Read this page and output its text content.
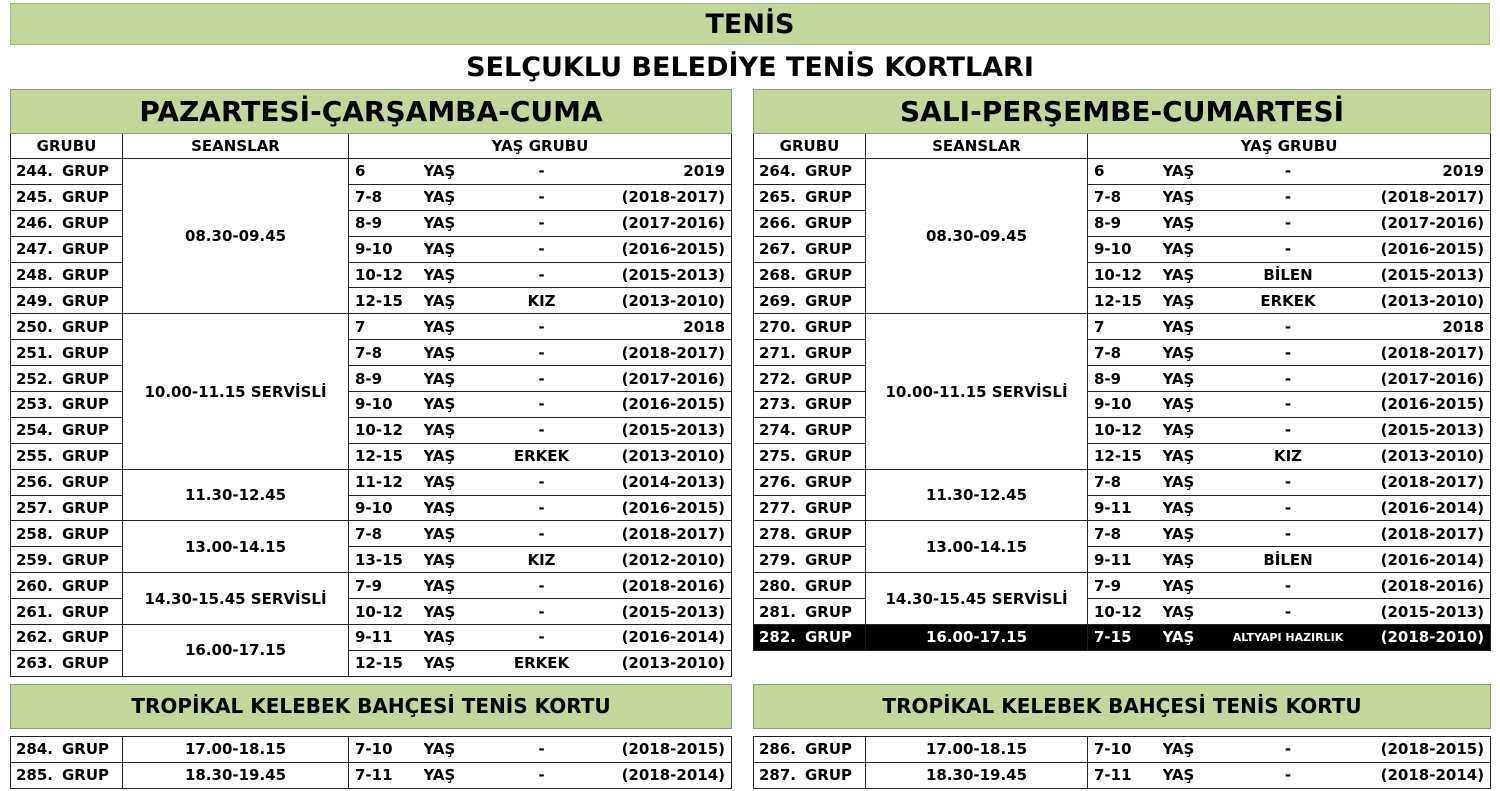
TENİS
SELÇUKLU BELEDİYE TENİS KORTLARI
PAZARTESİ-ÇARŞAMBA-CUMA					
GRUBU	SEANSLAR	YAŞ GRUBU			
244. GRUP	08.30-09.45	6	YAŞ	-	2019
245. GRUP		7-8	YAŞ	-	(2018-2017)
246. GRUP		8-9	YAŞ	-	(2017-2016)
247. GRUP		9-10	YAŞ	-	(2016-2015)
248. GRUP		10-12	YAŞ	-	(2015-2013)
249. GRUP		12-15	YAŞ	KIZ	(2013-2010)
250. GRUP	10.00-11.15 SERVİSLİ	7	YAŞ	-	2018
251. GRUP		7-8	YAŞ	-	(2018-2017)
252. GRUP		8-9	YAŞ	-	(2017-2016)
253. GRUP		9-10	YAŞ	-	(2016-2015)
254. GRUP		10-12	YAŞ	-	(2015-2013)
255. GRUP		12-15	YAŞ	ERKEK	(2013-2010)
256. GRUP	11.30-12.45	11-12	YAŞ	-	(2014-2013)
257. GRUP		9-10	YAŞ	-	(2016-2015)
258. GRUP	13.00-14.15	7-8	YAŞ	-	(2018-2017)
259. GRUP		13-15	YAŞ	KIZ	(2012-2010)
260. GRUP	14.30-15.45 SERVİSLİ	7-9	YAŞ	-	(2018-2016)
261. GRUP		10-12	YAŞ	-	(2015-2013)
262. GRUP	16.00-17.15	9-11	YAŞ	-	(2016-2014)
263. GRUP		12-15	YAŞ	ERKEK	(2013-2010)

TROPİKAL KELEBEK BAHÇESİ TENİS KORTU					

284. GRUP	17.00-18.15	7-10	YAŞ	-	(2018-2015)
285. GRUP	18.30-19.45	7-11	YAŞ	-	(2018-2014)
SALI-PERŞEMBE-CUMARTESİ					
GRUBU	SEANSLAR	YAŞ GRUBU			
264. GRUP	08.30-09.45	6	YAŞ	-	2019
265. GRUP		7-8	YAŞ	-	(2018-2017)
266. GRUP		8-9	YAŞ	-	(2017-2016)
267. GRUP		9-10	YAŞ	-	(2016-2015)
268. GRUP		10-12	YAŞ	BİLEN	(2015-2013)
269. GRUP		12-15	YAŞ	ERKEK	(2013-2010)
270. GRUP	10.00-11.15 SERVİSLİ	7	YAŞ	-	2018
271. GRUP		7-8	YAŞ	-	(2018-2017)
272. GRUP		8-9	YAŞ	-	(2017-2016)
273. GRUP		9-10	YAŞ	-	(2016-2015)
274. GRUP		10-12	YAŞ	-	(2015-2013)
275. GRUP		12-15	YAŞ	KIZ	(2013-2010)
276. GRUP	11.30-12.45	7-8	YAŞ	-	(2018-2017)
277. GRUP		9-11	YAŞ	-	(2016-2014)
278. GRUP	13.00-14.15	7-8	YAŞ	-	(2018-2017)
279. GRUP		9-11	YAŞ	BİLEN	(2016-2014)
280. GRUP	14.30-15.45 SERVİSLİ	7-9	YAŞ	-	(2018-2016)
281. GRUP		10-12	YAŞ	-	(2015-2013)
282. GRUP	16.00-17.15	7-15	YAŞ	ALTYAPI HAZIRLIK	(2018-2010)

TROPİKAL KELEBEK BAHÇESİ TENİS KORTU					

286. GRUP	17.00-18.15	7-10	YAŞ	-	(2018-2015)
287. GRUP	18.30-19.45	7-11	YAŞ	-	(2018-2014)
